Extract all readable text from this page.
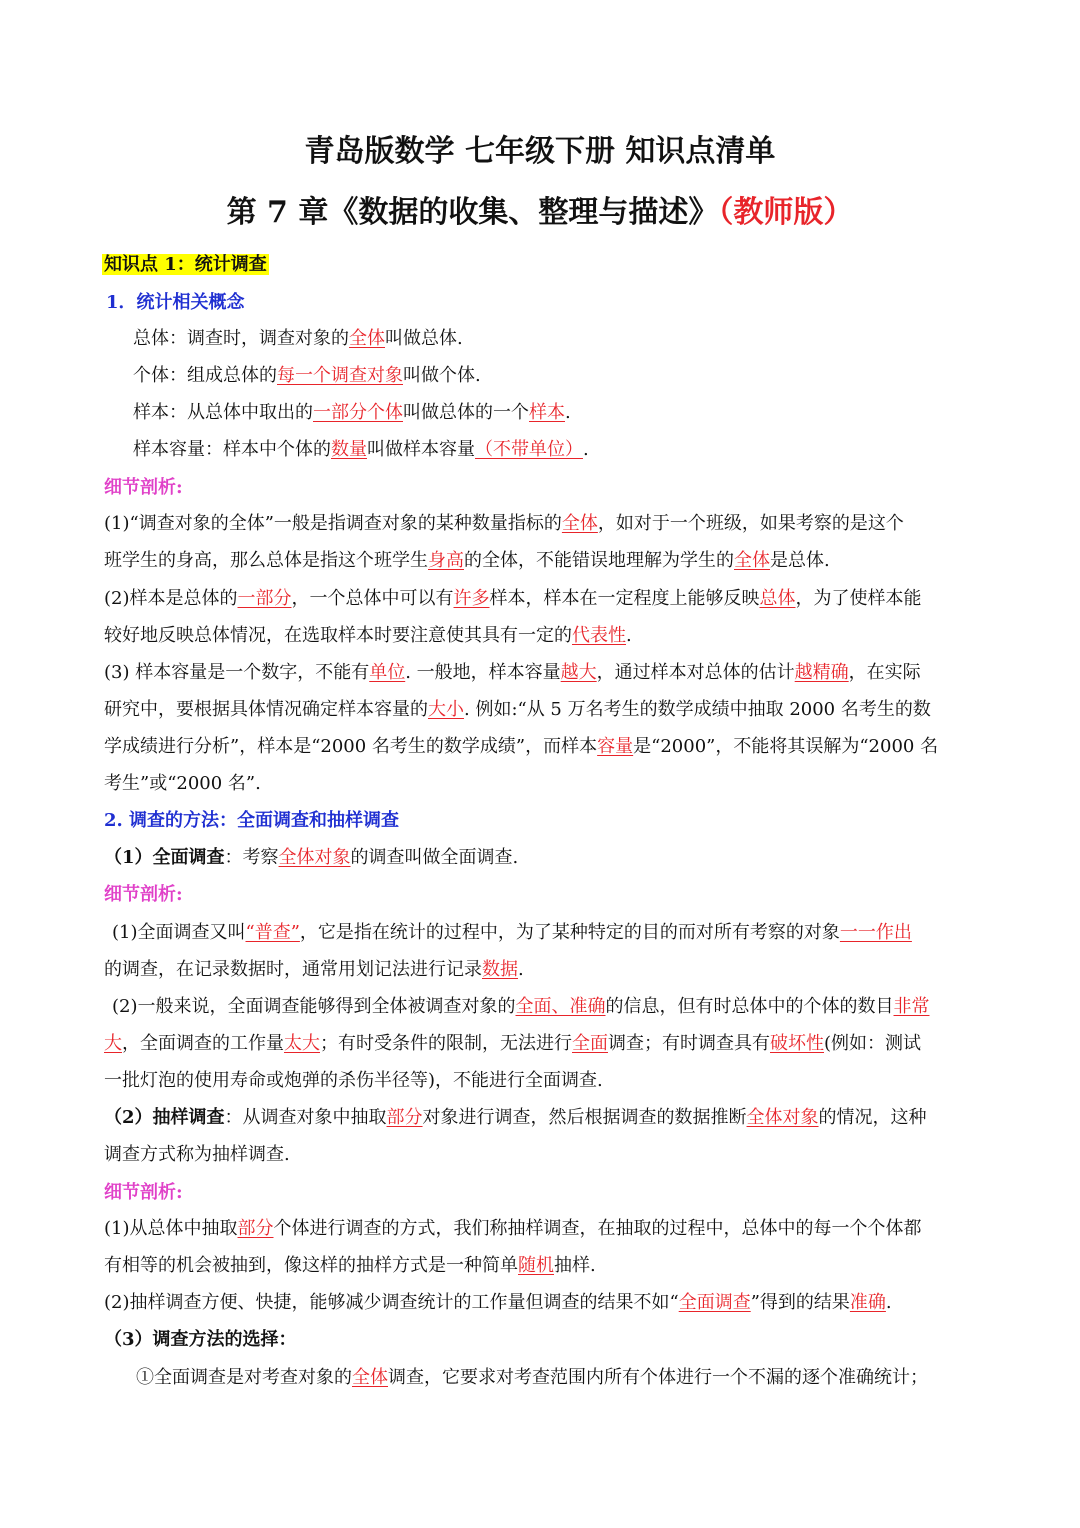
青岛版数学 七年级下册 知识点清单
第 7 章《数据的收集、整理与描述》（教师版）
知识点 1：统计调查
1．统计相关概念
总体：调查时，调查对象的全体叫做总体.
个体：组成总体的每一个调查对象叫做个体.
样本：从总体中取出的一部分个体叫做总体的一个样本.
样本容量：样本中个体的数量叫做样本容量（不带单位）.
细节剖析:
(1)“调查对象的全体”一般是指调查对象的某种数量指标的全体，如对于一个班级，如果考察的是这个
班学生的身高，那么总体是指这个班学生身高的全体，不能错误地理解为学生的全体是总体.
(2)样本是总体的一部分，一个总体中可以有许多样本，样本在一定程度上能够反映总体，为了使样本能
较好地反映总体情况，在选取样本时要注意使其具有一定的代表性.
(3) 样本容量是一个数字，不能有单位. 一般地，样本容量越大，通过样本对总体的估计越精确，在实际
研究中，要根据具体情况确定样本容量的大小. 例如:“从 5 万名考生的数学成绩中抽取 2000 名考生的数
学成绩进行分析”，样本是“2000 名考生的数学成绩”，而样本容量是“2000”，不能将其误解为“2000 名
考生”或“2000 名”.
2. 调查的方法：全面调查和抽样调查
（1）全面调查：考察全体对象的调查叫做全面调查.
细节剖析:
(1)全面调查又叫“普查”，它是指在统计的过程中，为了某种特定的目的而对所有考察的对象一一作出
的调查，在记录数据时，通常用划记法进行记录数据.
(2)一般来说，全面调查能够得到全体被调查对象的全面、准确的信息，但有时总体中的个体的数目非常
大，全面调查的工作量太大；有时受条件的限制，无法进行全面调查；有时调查具有破坏性(例如：测试
一批灯泡的使用寿命或炮弹的杀伤半径等)，不能进行全面调查.
（2）抽样调查：从调查对象中抽取部分对象进行调查，然后根据调查的数据推断全体对象的情况，这种
调查方式称为抽样调查.
细节剖析:
(1)从总体中抽取部分个体进行调查的方式，我们称抽样调查，在抽取的过程中，总体中的每一个个体都
有相等的机会被抽到，像这样的抽样方式是一种简单随机抽样.
(2)抽样调查方便、快捷，能够减少调查统计的工作量但调查的结果不如“全面调查”得到的结果准确.
（3）调查方法的选择：
①全面调查是对考查对象的全体调查，它要求对考查范围内所有个体进行一个不漏的逐个准确统计；
